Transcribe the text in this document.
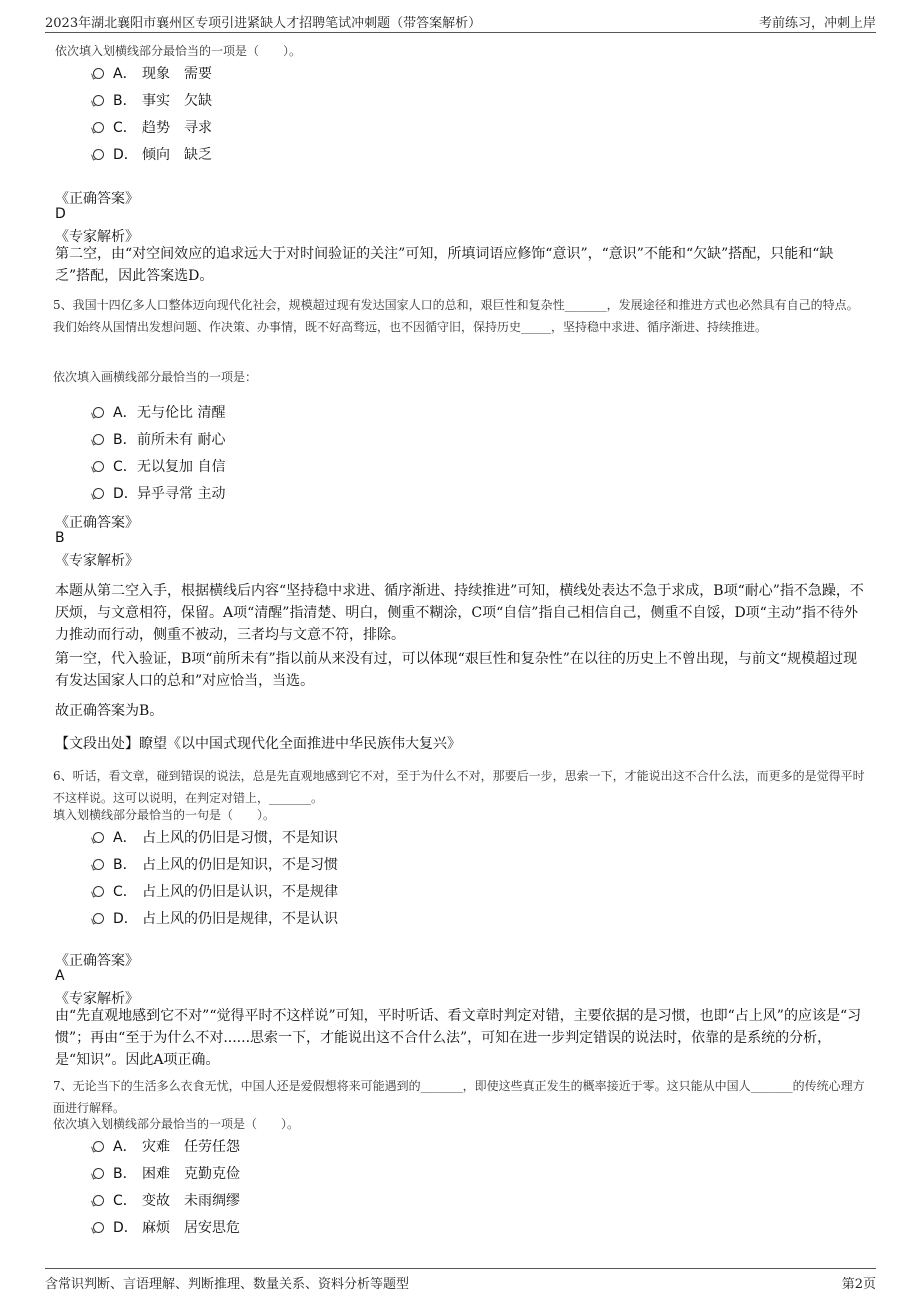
2023年湖北襄阳市襄州区专项引进紧缺人才招聘笔试冲刺题（带答案解析）	考前练习，冲刺上岸
依次填入划横线部分最恰当的一项是（　　）。
A． 现象　需要
B． 事实　欠缺
C． 趋势　寻求
D． 倾向　缺乏
《正确答案》
D
《专家解析》
第二空，由“对空间效应的追求远大于对时间验证的关注”可知，所填词语应修饰“意识”，“意识”不能和“欠缺”搭配，只能和“缺乏”搭配，因此答案选D。
5、我国十四亿多人口整体迈向现代化社会，规模超过现有发达国家人口的总和，艰巨性和复杂性_______，发展途径和推进方式也必然具有自己的特点。我们始终从国情出发想问题、作决策、办事情，既不好高骛远，也不因循守旧，保持历史_____，坚持稳中求进、循序渐进、持续推进。
依次填入画横线部分最恰当的一项是：
A． 无与伦比 清醒
B． 前所未有 耐心
C． 无以复加 自信
D． 异乎寻常 主动
《正确答案》
B
《专家解析》
本题从第二空入手，根据横线后内容“坚持稳中求进、循序渐进、持续推进”可知，横线处表达不急于求成，B项“耐心”指不急躁，不厌烦，与文意相符，保留。A项“清醒”指清楚、明白，侧重不糊涂，C项“自信”指自己相信自己，侧重不自馁，D项“主动”指不待外力推动而行动，侧重不被动，三者均与文意不符，排除。
第一空，代入验证，B项“前所未有”指以前从来没有过，可以体现“艰巨性和复杂性”在以往的历史上不曾出现，与前文“规模超过现有发达国家人口的总和”对应恰当，当选。
故正确答案为B。
【文段出处】瞭望《以中国式现代化全面推进中华民族伟大复兴》
6、听话，看文章，碰到错误的说法，总是先直观地感到它不对，至于为什么不对，那要后一步，思索一下，才能说出这不合什么法，而更多的是觉得平时不这样说。这可以说明，在判定对错上，_______。
填入划横线部分最恰当的一句是（　　）。
A． 占上风的仍旧是习惯，不是知识
B． 占上风的仍旧是知识，不是习惯
C． 占上风的仍旧是认识，不是规律
D． 占上风的仍旧是规律，不是认识
《正确答案》
A
《专家解析》
由“先直观地感到它不对”“觉得平时不这样说”可知，平时听话、看文章时判定对错，主要依据的是习惯，也即“占上风”的应该是“习惯”；再由“至于为什么不对......思索一下，才能说出这不合什么法”，可知在进一步判定错误的说法时，依靠的是系统的分析，是“知识”。因此A项正确。
7、无论当下的生活多么衣食无忧，中国人还是爱假想将来可能遇到的_______，即使这些真正发生的概率接近于零。这只能从中国人_______的传统心理方面进行解释。
依次填入划横线部分最恰当的一项是（　　）。
A． 灾难　任劳任怨
B． 困难　克勤克俭
C． 变故　未雨绸缪
D． 麻烦　居安思危
含常识判断、言语理解、判断推理、数量关系、资料分析等题型	第2页
